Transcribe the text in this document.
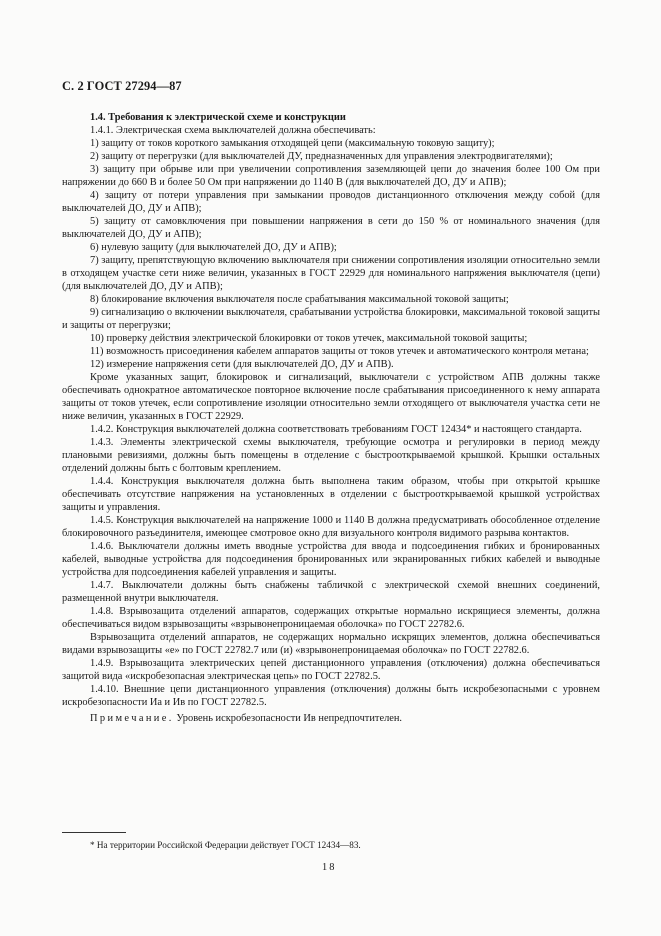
С. 2 ГОСТ 27294—87

1.4. Требования к электрической схеме и конструкции

1.4.1. Электрическая схема выключателей должна обеспечивать:

1) защиту от токов короткого замыкания отходящей цепи (максимальную токовую защиту);

2) защиту от перегрузки (для выключателей ДУ, предназначенных для управления электродвигателями);

3) защиту при обрыве или при увеличении сопротивления заземляющей цепи до значения более 100 Ом при напряжении до 660 В и более 50 Ом при напряжении до 1140 В (для выключателей ДО, ДУ и АПВ);

4) защиту от потери управления при замыкании проводов дистанционного отключения между собой (для выключателей ДО, ДУ и АПВ);

5) защиту от самовключения при повышении напряжения в сети до 150 % от номинального значения (для выключателей ДО, ДУ и АПВ);

6) нулевую защиту (для выключателей ДО, ДУ и АПВ);

7) защиту, препятствующую включению выключателя при снижении сопротивления изоляции относительно земли в отходящем участке сети ниже величин, указанных в ГОСТ 22929 для номинального напряжения выключателя (цепи) (для выключателей ДО, ДУ и АПВ);

8) блокирование включения выключателя после срабатывания максимальной токовой защиты;

9) сигнализацию о включении выключателя, срабатывании устройства блокировки, максимальной токовой защиты и защиты от перегрузки;

10) проверку действия электрической блокировки от токов утечек, максимальной токовой защиты;

11) возможность присоединения кабелем аппаратов защиты от токов утечек и автоматического контроля метана;

12) измерение напряжения сети (для выключателей ДО, ДУ и АПВ).

Кроме указанных защит, блокировок и сигнализаций, выключатели с устройством АПВ должны также обеспечивать однократное автоматическое повторное включение после срабатывания присоединенного к нему аппарата защиты от токов утечек, если сопротивление изоляции относительно земли отходящего от выключателя участка сети не ниже величин, указанных в ГОСТ 22929.

1.4.2. Конструкция выключателей должна соответствовать требованиям ГОСТ 12434* и настоящего стандарта.

1.4.3. Элементы электрической схемы выключателя, требующие осмотра и регулировки в период между плановыми ревизиями, должны быть помещены в отделение с быстрооткрываемой крышкой. Крышки остальных отделений должны быть с болтовым креплением.

1.4.4. Конструкция выключателя должна быть выполнена таким образом, чтобы при открытой крышке обеспечивать отсутствие напряжения на установленных в отделении с быстрооткрываемой крышкой устройствах защиты и управления.

1.4.5. Конструкция выключателей на напряжение 1000 и 1140 В должна предусматривать обособленное отделение блокировочного разъединителя, имеющее смотровое окно для визуального контроля видимого разрыва контактов.

1.4.6. Выключатели должны иметь вводные устройства для ввода и подсоединения гибких и бронированных кабелей, выводные устройства для подсоединения бронированных или экранированных гибких кабелей и выводные устройства для подсоединения кабелей управления и защиты.

1.4.7. Выключатели должны быть снабжены табличкой с электрической схемой внешних соединений, размещенной внутри выключателя.

1.4.8. Взрывозащита отделений аппаратов, содержащих открытые нормально искрящиеся элементы, должна обеспечиваться видом взрывозащиты «взрывонепроницаемая оболочка» по ГОСТ 22782.6.

Взрывозащита отделений аппаратов, не содержащих нормально искрящих элементов, должна обеспечиваться видами взрывозащиты «е» по ГОСТ 22782.7 или (и) «взрывонепроницаемая оболочка» по ГОСТ 22782.6.

1.4.9. Взрывозащита электрических цепей дистанционного управления (отключения) должна обеспечиваться защитой вида «искробезопасная электрическая цепь» по ГОСТ 22782.5.

1.4.10. Внешние цепи дистанционного управления (отключения) должны быть искробезопасными с уровнем искробезопасности Иа и Ив по ГОСТ 22782.5.

Примечание. Уровень искробезопасности Ив непредпочтителен.

* На территории Российской Федерации действует ГОСТ 12434—83.
18
